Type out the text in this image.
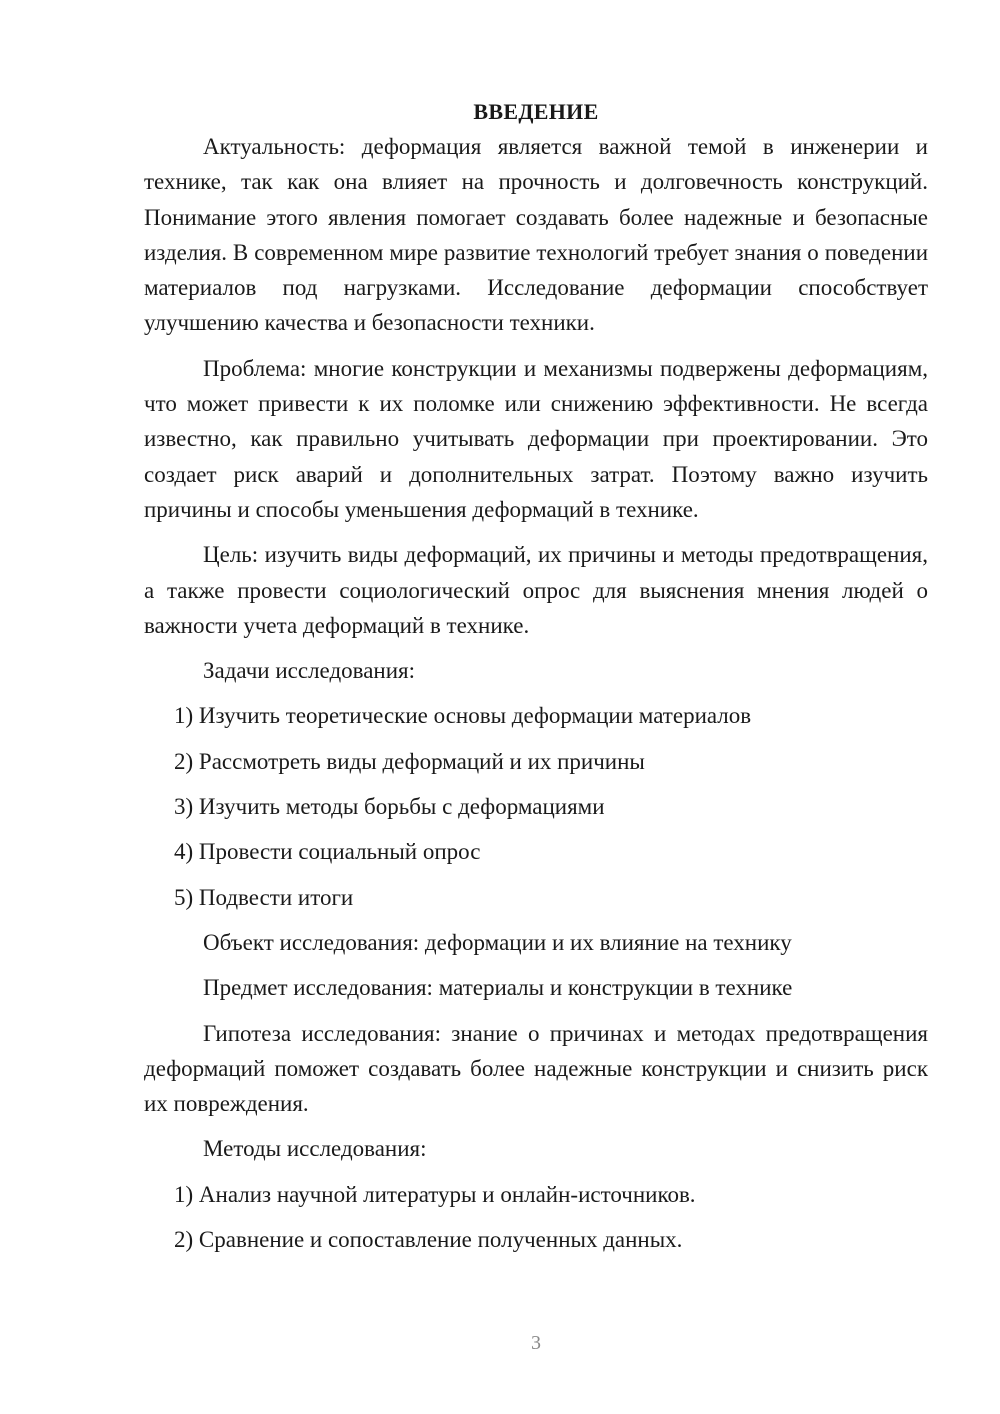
ВВЕДЕНИЕ

Актуальность: деформация является важной темой в инженерии и технике, так как она влияет на прочность и долговечность конструкций. Понимание этого явления помогает создавать более надежные и безопасные изделия. В современном мире развитие технологий требует знания о поведении материалов под нагрузками. Исследование деформации способствует улучшению качества и безопасности техники.

Проблема: многие конструкции и механизмы подвержены деформациям, что может привести к их поломке или снижению эффективности. Не всегда известно, как правильно учитывать деформации при проектировании. Это создает риск аварий и дополнительных затрат. Поэтому важно изучить причины и способы уменьшения деформаций в технике.

Цель: изучить виды деформаций, их причины и методы предотвращения, а также провести социологический опрос для выяснения мнения людей о важности учета деформаций в технике.

Задачи исследования:

1) Изучить теоретические основы деформации материалов

2) Рассмотреть виды деформаций и их причины

3) Изучить методы борьбы с деформациями

4) Провести социальный опрос

5) Подвести итоги

Объект исследования: деформации и их влияние на технику

Предмет исследования: материалы и конструкции в технике

Гипотеза исследования: знание о причинах и методах предотвращения деформаций поможет создавать более надежные конструкции и снизить риск их повреждения.

Методы исследования:

1) Анализ научной литературы и онлайн-источников.

2) Сравнение и сопоставление полученных данных.

3
